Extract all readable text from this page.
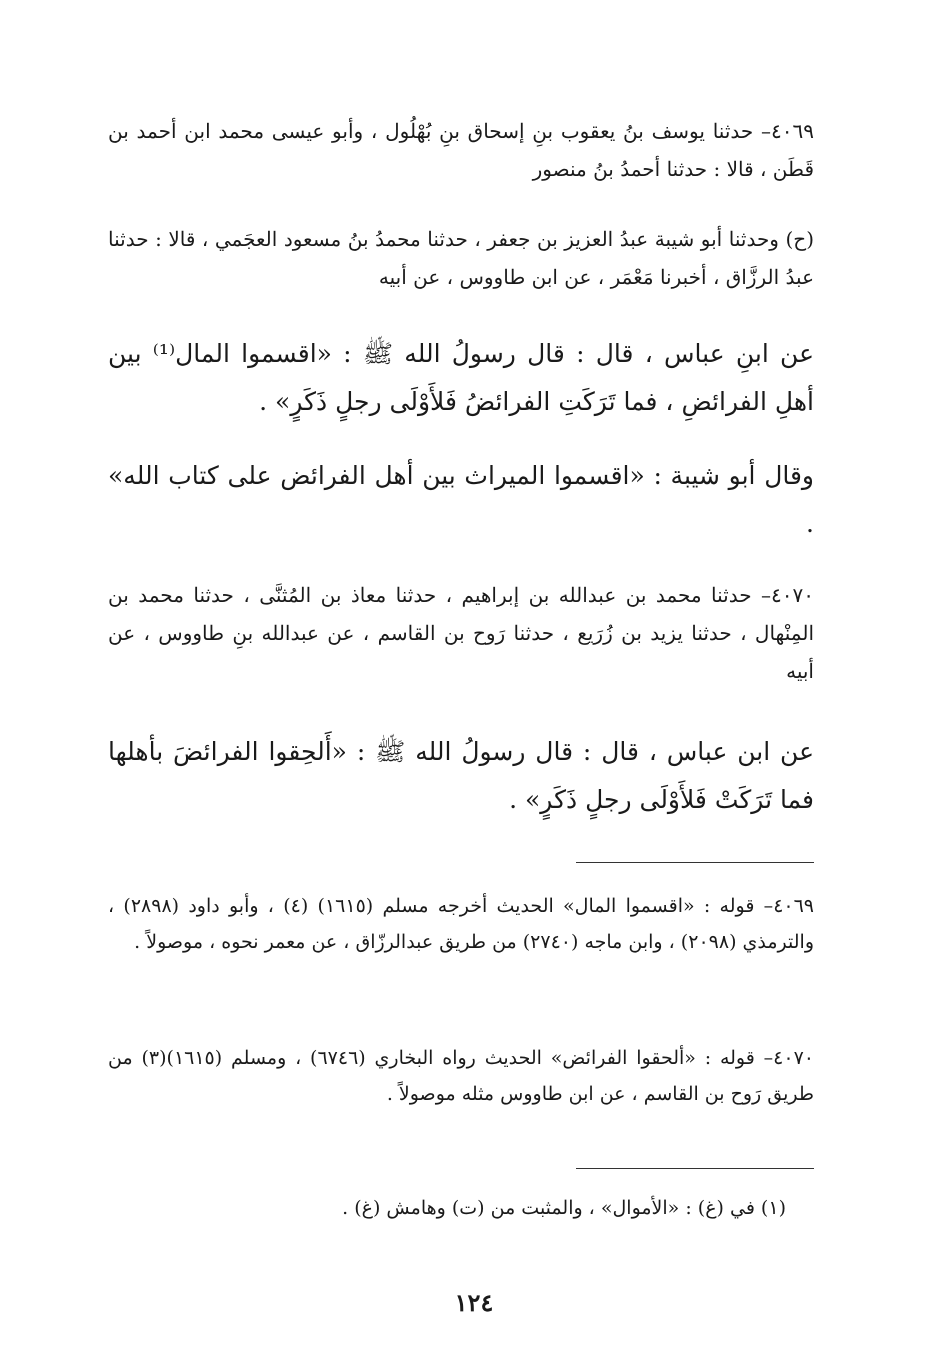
٤٠٦٩– حدثنا يوسف بنُ يعقوب بنِ إسحاق بنِ بُهْلُول ، وأبو عيسى محمد ابن أحمد بن قَطَن ، قالا : حدثنا أحمدُ بنُ منصور

(ح) وحدثنا أبو شيبة عبدُ العزيز بن جعفر ، حدثنا محمدُ بنُ مسعود العجَمي ، قالا : حدثنا عبدُ الرزَّاق ، أخبرنا مَعْمَر ، عن ابن طاووس ، عن أبيه

عن ابنِ عباس ، قال : قال رسولُ الله ﷺ : «اقسموا المال⁽¹⁾ بين أهلِ الفرائضِ ، فما تَرَكَتِ الفرائضُ فَلأَوْلَى رجلٍ ذَكَرٍ» .

وقال أبو شيبة : «اقسموا الميراث بين أهل الفرائض على كتاب الله» .

٤٠٧٠– حدثنا محمد بن عبدالله بن إبراهيم ، حدثنا معاذ بن المُثنَّى ، حدثنا محمد بن المِنْهال ، حدثنا يزيد بن زُرَيع ، حدثنا رَوح بن القاسم ، عن عبدالله بنِ طاووس ، عن أبيه

عن ابن عباس ، قال : قال رسولُ الله ﷺ : «أَلحِقوا الفرائضَ بأهلها فما تَرَكَتْ فَلأَوْلَى رجلٍ ذَكَرٍ» .

٤٠٦٩– قوله : «اقسموا المال» الحديث أخرجه مسلم (١٦١٥) (٤) ، وأبو داود (٢٨٩٨) ، والترمذي (٢٠٩٨) ، وابن ماجه (٢٧٤٠) من طريق عبدالرزّاق ، عن معمر نحوه ، موصولاً .

٤٠٧٠– قوله : «ألحقوا الفرائض» الحديث رواه البخاري (٦٧٤٦) ، ومسلم (١٦١٥)(٣) من طريق رَوح بن القاسم ، عن ابن طاووس مثله موصولاً .

(١) في (غ) : «الأموال» ، والمثبت من (ت) وهامش (غ) .
١٢٤
